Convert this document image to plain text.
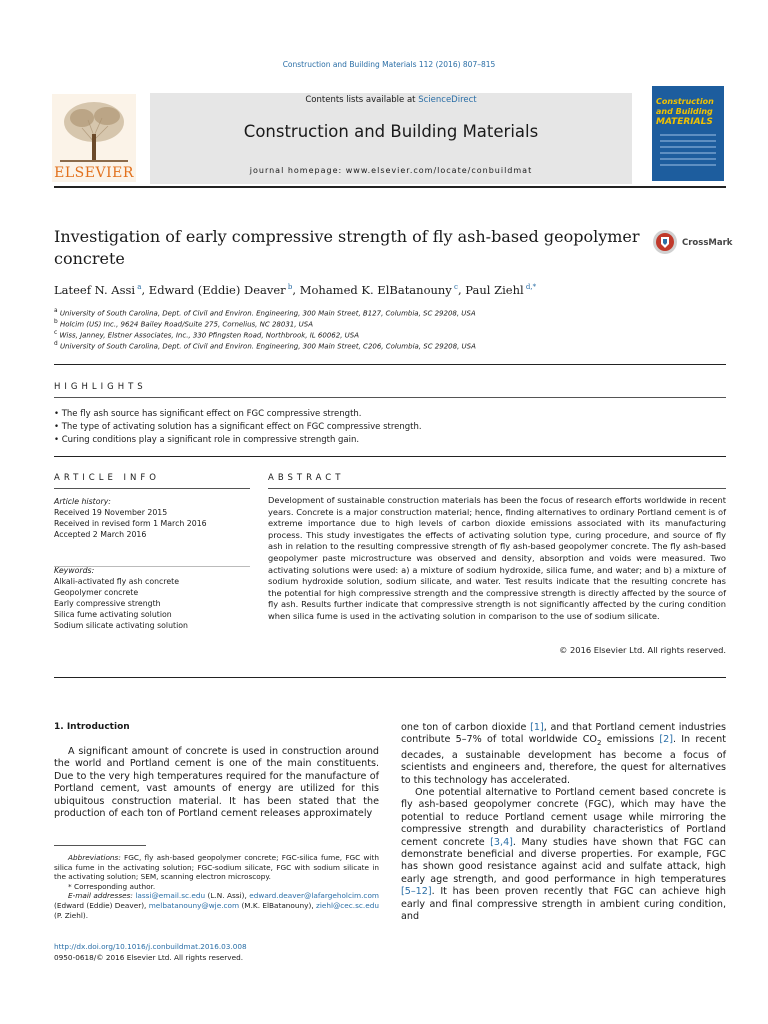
Construction and Building Materials 112 (2016) 807–815
ELSEVIER
Contents lists available at ScienceDirect
Construction and Building Materials
journal homepage: www.elsevier.com/locate/conbuildmat
Construction
and Building
MATERIALS
Investigation of early compressive strength of fly ash-based geopolymer
concrete
CrossMark
Lateef N. Assi $^a$, Edward (Eddie) Deaver $^b$, Mohamed K. ElBatanouny $^c$, Paul Ziehl $^{d,*}$
$^a$ University of South Carolina, Dept. of Civil and Environ. Engineering, 300 Main Street, B127, Columbia, SC 29208, USA
$^b$ Holcim (US) Inc., 9624 Bailey Road/Suite 275, Cornelius, NC 28031, USA
$^c$ Wiss, Janney, Elstner Associates, Inc., 330 Pfingsten Road, Northbrook, IL 60062, USA
$^d$ University of South Carolina, Dept. of Civil and Environ. Engineering, 300 Main Street, C206, Columbia, SC 29208, USA
HIGHLIGHTS
• The fly ash source has significant effect on FGC compressive strength.
• The type of activating solution has a significant effect on FGC compressive strength.
• Curing conditions play a significant role in compressive strength gain.
ARTICLE INFO
Article history:
Received 19 November 2015
Received in revised form 1 March 2016
Accepted 2 March 2016
Keywords:
Alkali-activated fly ash concrete
Geopolymer concrete
Early compressive strength
Silica fume activating solution
Sodium silicate activating solution
ABSTRACT
Development of sustainable construction materials has been the focus of research efforts worldwide in recent years. Concrete is a major construction material; hence, finding alternatives to ordinary Portland cement is of extreme importance due to high levels of carbon dioxide emissions associated with its manufacturing process. This study investigates the effects of activating solution type, curing procedure, and source of fly ash in relation to the resulting compressive strength of fly ash-based geopolymer concrete. The fly ash-based geopolymer paste microstructure was observed and density, absorption and voids were measured. Two activating solutions were used: a) a mixture of sodium hydroxide, silica fume, and water; and b) a mixture of sodium hydroxide solution, sodium silicate, and water. Test results indicate that the resulting concrete has the potential for high compressive strength and the compressive strength is directly affected by the source of fly ash. Results further indicate that compressive strength is not significantly affected by the curing condition when silica fume is used in the activating solution in comparison to the use of sodium silicate.
© 2016 Elsevier Ltd. All rights reserved.
1. Introduction
A significant amount of concrete is used in construction around the world and Portland cement is one of the main constituents. Due to the very high temperatures required for the manufacture of Portland cement, vast amounts of energy are utilized for this ubiquitous construction material. It has been stated that the production of each ton of Portland cement releases approximately
one ton of carbon dioxide [1], and that Portland cement industries contribute 5–7% of total worldwide $CO_2$ emissions [2]. In recent decades, a sustainable development has become a focus of scientists and engineers and, therefore, the quest for alternatives to this technology has accelerated.
One potential alternative to Portland cement based concrete is fly ash-based geopolymer concrete (FGC), which may have the potential to reduce Portland cement usage while mirroring the compressive strength and durability characteristics of Portland cement concrete [3,4]. Many studies have shown that FGC can demonstrate beneficial and diverse properties. For example, FGC has shown good resistance against acid and sulfate attack, high early age strength, and good performance in high temperatures [5–12]. It has been proven recently that FGC can achieve high early and final compressive strength in ambient curing condition, and
Abbreviations: FGC, fly ash-based geopolymer concrete; FGC-silica fume, FGC with silica fume in the activating solution; FGC-sodium silicate, FGC with sodium silicate in the activating solution; SEM, scanning electron microscopy.
* Corresponding author.
E-mail addresses: lassi@email.sc.edu (L.N. Assi), edward.deaver@lafargeholcim.com (Edward (Eddie) Deaver), melbatanouny@wje.com (M.K. ElBatanouny), ziehl@cec.sc.edu (P. Ziehl).
http://dx.doi.org/10.1016/j.conbuildmat.2016.03.008
0950-0618/© 2016 Elsevier Ltd. All rights reserved.
